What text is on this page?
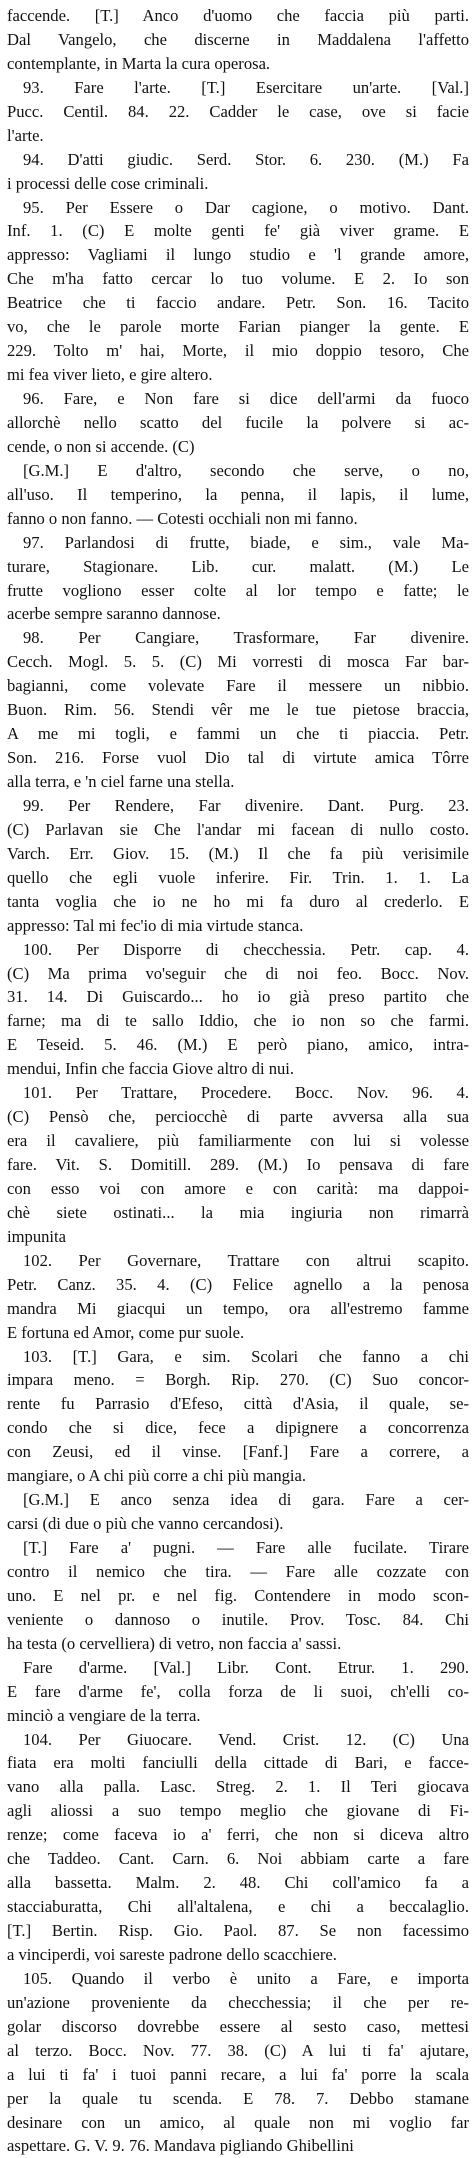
faccende. [T.] Anco d'uomo che faccia più parti.
Dal Vangelo, che discerne in Maddalena l'affetto
contemplante, in Marta la cura operosa.
93. Fare l'arte. [T.] Esercitare un'arte. [Val.]
Pucc. Centil. 84. 22. Cadder le case, ove si facie
l'arte.
94. D'atti giudic. Serd. Stor. 6. 230. (M.) Fa
i processi delle cose criminali.
95. Per Essere o Dar cagione, o motivo. Dant.
Inf. 1. (C) E molte genti fe' già viver grame. E
appresso: Vagliami il lungo studio e 'l grande amore,
Che m'ha fatto cercar lo tuo volume. E 2. Io son
Beatrice che ti faccio andare. Petr. Son. 16. Tacito
vo, che le parole morte Farian pianger la gente. E
229. Tolto m' hai, Morte, il mio doppio tesoro, Che
mi fea viver lieto, e gire altero.
96. Fare, e Non fare si dice dell'armi da fuoco
allorchè nello scatto del fucile la polvere si ac-
cende, o non si accende. (C)
[G.M.] E d'altro, secondo che serve, o no,
all'uso. Il temperino, la penna, il lapis, il lume,
fanno o non fanno. — Cotesti occhiali non mi fanno.
97. Parlandosi di frutte, biade, e sim., vale Ma-
turare, Stagionare. Lib. cur. malatt. (M.) Le
frutte vogliono esser colte al lor tempo e fatte; le
acerbe sempre saranno dannose.
98. Per Cangiare, Trasformare, Far divenire.
Cecch. Mogl. 5. 5. (C) Mi vorresti di mosca Far bar-
bagianni, come volevate Fare il messere un nibbio.
Buon. Rim. 56. Stendi vêr me le tue pietose braccia,
A me mi togli, e fammi un che ti piaccia. Petr.
Son. 216. Forse vuol Dio tal di virtute amica Tôrre
alla terra, e 'n ciel farne una stella.
99. Per Rendere, Far divenire. Dant. Purg. 23.
(C) Parlavan sie Che l'andar mi facean di nullo costo.
Varch. Err. Giov. 15. (M.) Il che fa più verisimile
quello che egli vuole inferire. Fir. Trin. 1. 1. La
tanta voglia che io ne ho mi fa duro al crederlo. E
appresso: Tal mi fec'io di mia virtude stanca.
100. Per Disporre di checchessia. Petr. cap. 4.
(C) Ma prima vo'seguir che di noi feo. Bocc. Nov.
31. 14. Di Guiscardo... ho io già preso partito che
farne; ma di te sallo Iddio, che io non so che farmi.
E Teseid. 5. 46. (M.) E però piano, amico, intra-
mendui, Infin che faccia Giove altro di nui.
101. Per Trattare, Procedere. Bocc. Nov. 96. 4.
(C) Pensò che, perciocchè di parte avversa alla sua
era il cavaliere, più familiarmente con lui si volesse
fare. Vit. S. Domitill. 289. (M.) Io pensava di fare
con esso voi con amore e con carità: ma dappoi-
chè siete ostinati... la mia ingiuria non rimarrà
impunita
102. Per Governare, Trattare con altrui scapito.
Petr. Canz. 35. 4. (C) Felice agnello a la penosa
mandra Mi giacqui un tempo, ora all'estremo famme
E fortuna ed Amor, come pur suole.
103. [T.] Gara, e sim. Scolari che fanno a chi
impara meno. = Borgh. Rip. 270. (C) Suo concor-
rente fu Parrasio d'Efeso, città d'Asia, il quale, se-
condo che si dice, fece a dipignere a concorrenza
con Zeusi, ed il vinse. [Fanf.] Fare a correre, a
mangiare, o A chi più corre a chi più mangia.
[G.M.] E anco senza idea di gara. Fare a cer-
carsi (di due o più che vanno cercandosi).
[T.] Fare a' pugni. — Fare alle fucilate. Tirare
contro il nemico che tira. — Fare alle cozzate con
uno. E nel pr. e nel fig. Contendere in modo scon-
veniente o dannoso o inutile. Prov. Tosc. 84. Chi
ha testa (o cervelliera) di vetro, non faccia a' sassi.
Fare d'arme. [Val.] Libr. Cont. Etrur. 1. 290.
E fare d'arme fe', colla forza de li suoi, ch'elli co-
minciò a vengiare de la terra.
104. Per Giuocare. Vend. Crist. 12. (C) Una
fiata era molti fanciulli della cittade di Bari, e facce-
vano alla palla. Lasc. Streg. 2. 1. Il Teri giocava
agli aliossi a suo tempo meglio che giovane di Fi-
renze; come faceva io a' ferri, che non si diceva altro
che Taddeo. Cant. Carn. 6. Noi abbiam carte a fare
alla bassetta. Malm. 2. 48. Chi coll'amico fa a
stacciaburatta, Chi all'altalena, e chi a beccalaglio.
[T.] Bertin. Risp. Gio. Paol. 87. Se non facessimo
a vinciperdi, voi sareste padrone dello scacchiere.
105. Quando il verbo è unito a Fare, e importa
un'azione proveniente da checchessia; il che per re-
golar discorso dovrebbe essere al sesto caso, mettesi
al terzo. Bocc. Nov. 77. 38. (C) A lui ti fa' ajutare,
a lui ti fa' i tuoi panni recare, a lui fa' porre la scala
per la quale tu scenda. E 78. 7. Debbo stamane
desinare con un amico, al quale non mi voglio far
aspettare. G. V. 9. 76. Mandava pigliando Ghibellini
